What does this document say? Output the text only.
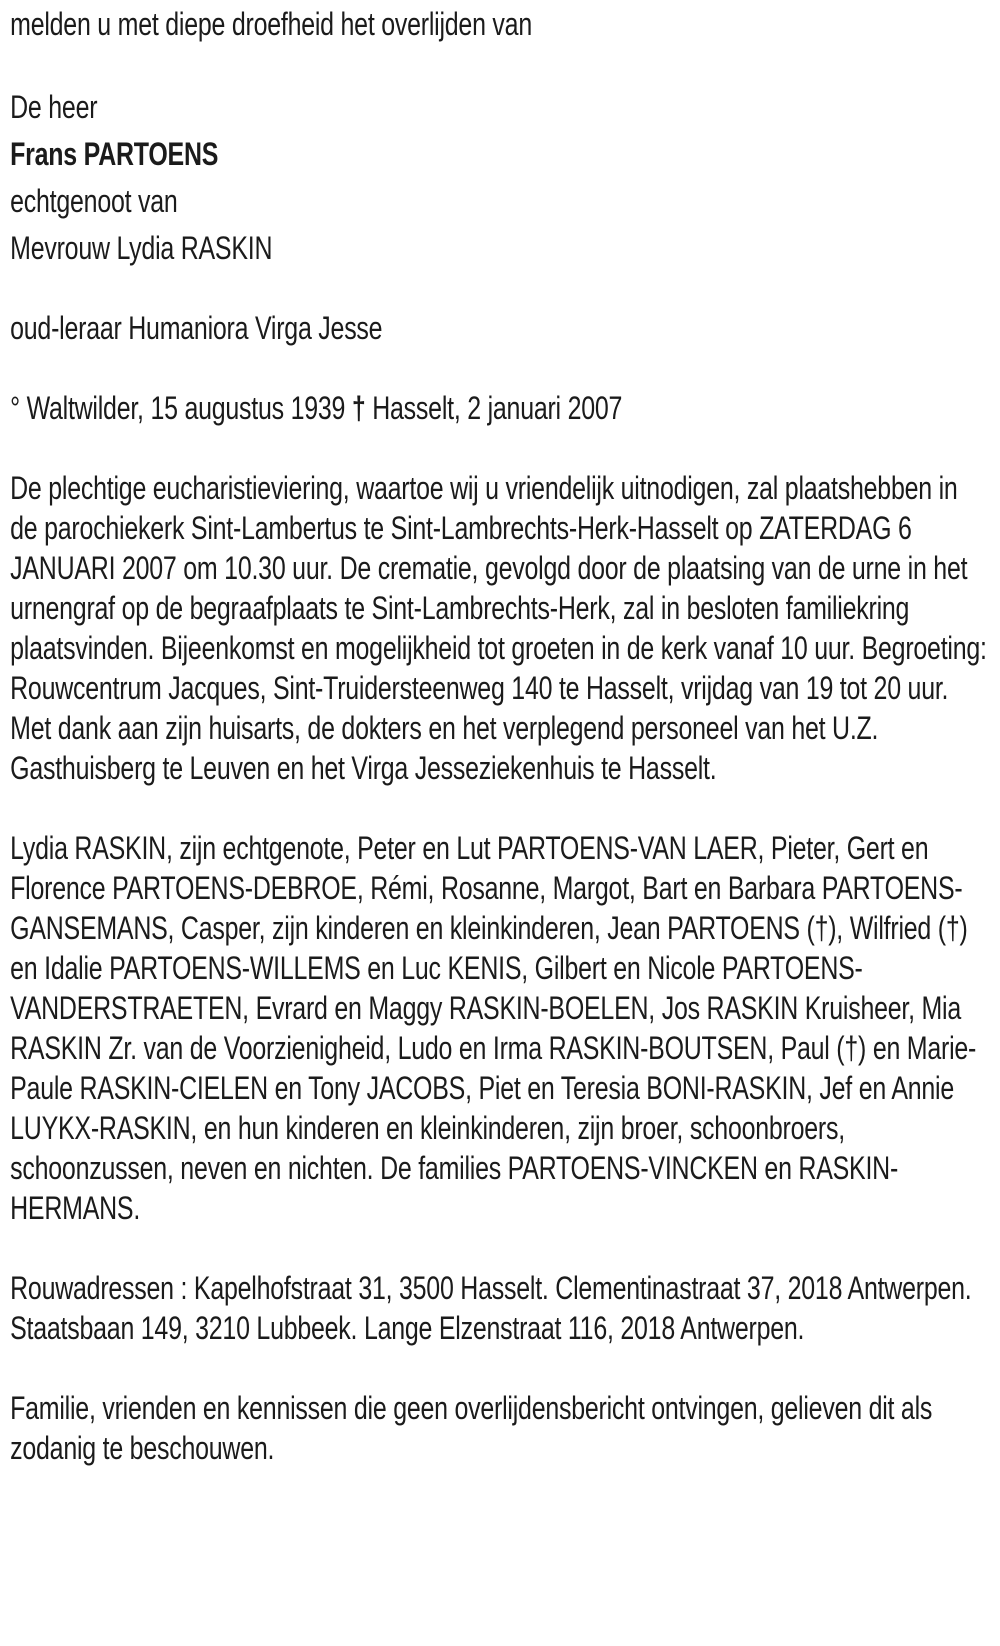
melden u met diepe droefheid het overlijden van

De heer

Frans PARTOENS

echtgenoot van

Mevrouw Lydia RASKIN

oud-leraar Humaniora Virga Jesse

° Waltwilder, 15 augustus 1939 † Hasselt, 2 januari 2007

De plechtige eucharistieviering, waartoe wij u vriendelijk uitnodigen, zal plaatshebben in de parochiekerk Sint-Lambertus te Sint-Lambrechts-Herk-Hasselt op ZATERDAG 6 JANUARI 2007 om 10.30 uur. De crematie, gevolgd door de plaatsing van de urne in het urnengraf op de begraafplaats te Sint-Lambrechts-Herk, zal in besloten familiekring plaatsvinden. Bijeenkomst en mogelijkheid tot groeten in de kerk vanaf 10 uur. Begroeting: Rouwcentrum Jacques, Sint-Truidersteenweg 140 te Hasselt, vrijdag van 19 tot 20 uur. Met dank aan zijn huisarts, de dokters en het verplegend personeel van het U.Z. Gasthuisberg te Leuven en het Virga Jesseziekenhuis te Hasselt.

Lydia RASKIN, zijn echtgenote, Peter en Lut PARTOENS-VAN LAER, Pieter, Gert en Florence PARTOENS-DEBROE, Rémi, Rosanne, Margot, Bart en Barbara PARTOENS-GANSEMANS, Casper, zijn kinderen en kleinkinderen, Jean PARTOENS (†), Wilfried (†) en Idalie PARTOENS-WILLEMS en Luc KENIS, Gilbert en Nicole PARTOENS-VANDERSTRAETEN, Evrard en Maggy RASKIN-BOELEN, Jos RASKIN Kruisheer, Mia RASKIN Zr. van de Voorzienigheid, Ludo en Irma RASKIN-BOUTSEN, Paul (†) en Marie-Paule RASKIN-CIELEN en Tony JACOBS, Piet en Teresia BONI-RASKIN, Jef en Annie LUYKX-RASKIN, en hun kinderen en kleinkinderen, zijn broer, schoonbroers, schoonzussen, neven en nichten. De families PARTOENS-VINCKEN en RASKIN-HERMANS.

Rouwadressen : Kapelhofstraat 31, 3500 Hasselt. Clementinastraat 37, 2018 Antwerpen. Staatsbaan 149, 3210 Lubbeek. Lange Elzenstraat 116, 2018 Antwerpen.

Familie, vrienden en kennissen die geen overlijdensbericht ontvingen, gelieven dit als zodanig te beschouwen.
